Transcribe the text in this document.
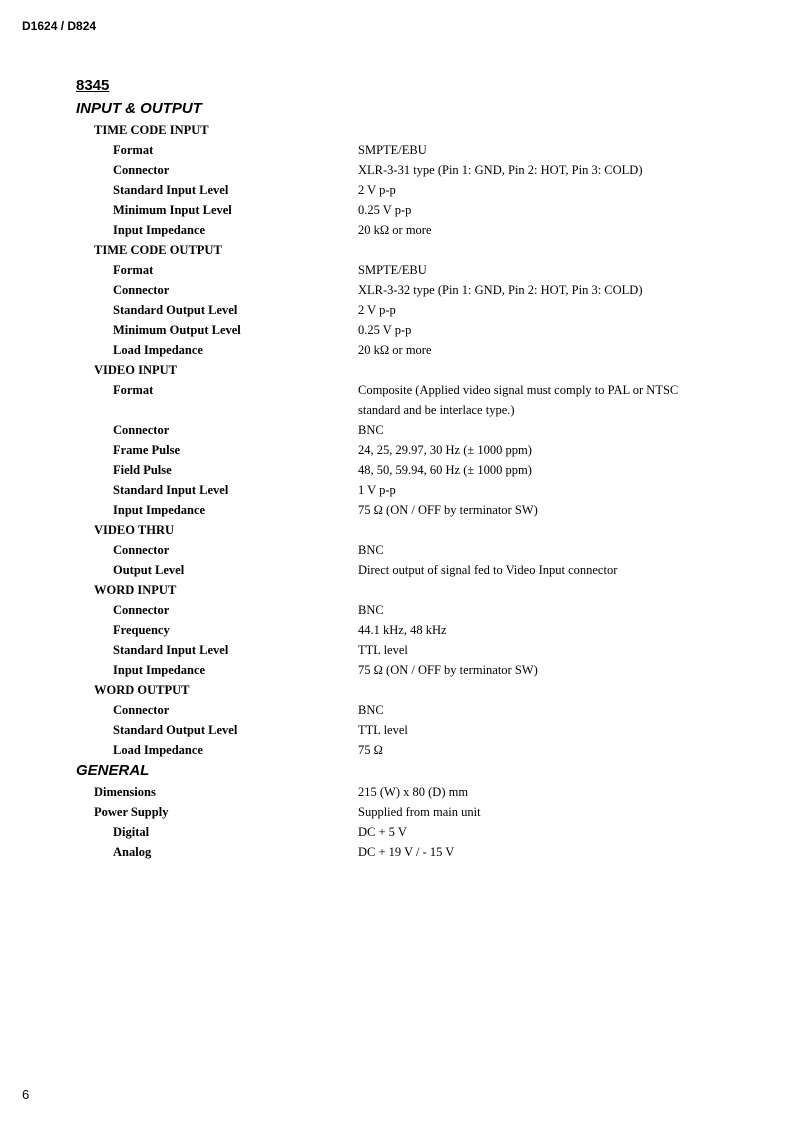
D1624 / D824
8345
INPUT & OUTPUT
TIME CODE INPUT
Format	SMPTE/EBU
Connector	XLR-3-31 type (Pin 1: GND, Pin 2: HOT, Pin 3: COLD)
Standard Input Level	2 V p-p
Minimum Input Level	0.25 V p-p
Input Impedance	20 kΩ or more
TIME CODE OUTPUT
Format	SMPTE/EBU
Connector	XLR-3-32 type (Pin 1: GND, Pin 2: HOT, Pin 3: COLD)
Standard Output Level	2 V p-p
Minimum Output Level	0.25 V p-p
Load Impedance	20 kΩ or more
VIDEO INPUT
Format	Composite (Applied video signal must comply to PAL or NTSC standard and be interlace type.)
Connector	BNC
Frame Pulse	24, 25, 29.97, 30 Hz (± 1000 ppm)
Field Pulse	48, 50, 59.94, 60 Hz (± 1000 ppm)
Standard Input Level	1 V p-p
Input Impedance	75 Ω (ON / OFF by terminator SW)
VIDEO THRU
Connector	BNC
Output Level	Direct output of signal fed to Video Input connector
WORD INPUT
Connector	BNC
Frequency	44.1 kHz, 48 kHz
Standard Input Level	TTL level
Input Impedance	75 Ω (ON / OFF by terminator SW)
WORD OUTPUT
Connector	BNC
Standard Output Level	TTL level
Load Impedance	75 Ω
GENERAL
Dimensions	215 (W) x 80 (D) mm
Power Supply	Supplied from main unit
Digital	DC + 5 V
Analog	DC + 19 V / - 15 V
6
